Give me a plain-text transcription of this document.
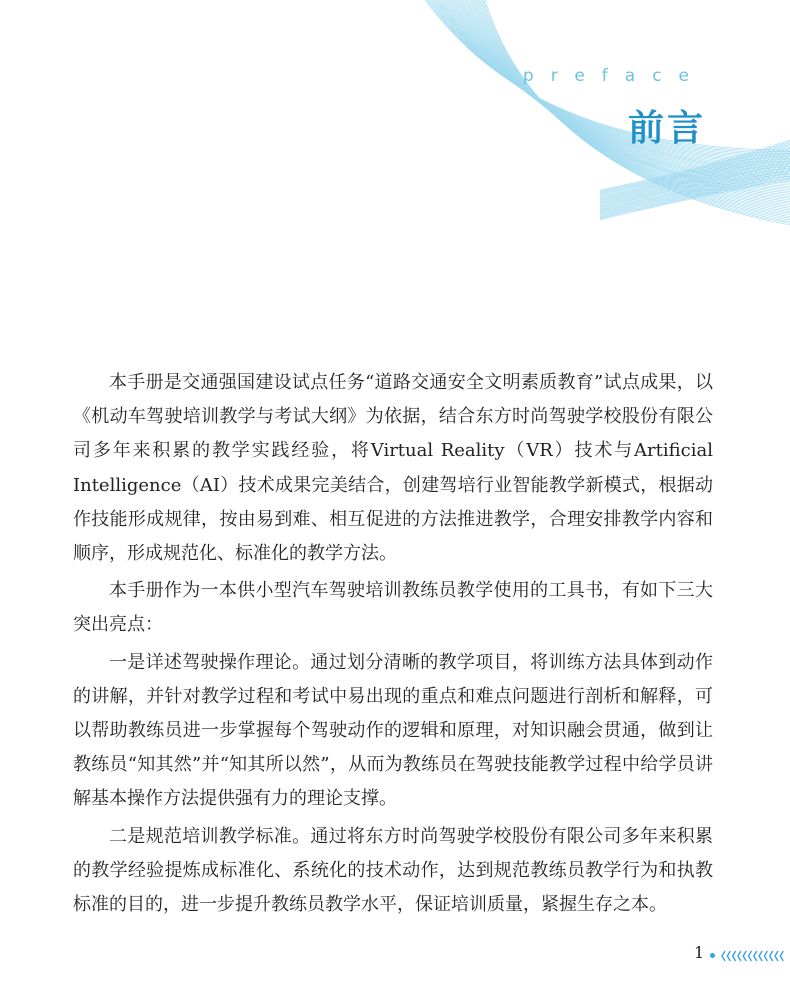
preface
前言

本手册是交通强国建设试点任务“道路交通安全文明素质教育”试点成果，以《机动车驾驶培训教学与考试大纲》为依据，结合东方时尚驾驶学校股份有限公司多年来积累的教学实践经验，将Virtual Reality（VR）技术与Artificial Intelligence（AI）技术成果完美结合，创建驾培行业智能教学新模式，根据动作技能形成规律，按由易到难、相互促进的方法推进教学，合理安排教学内容和顺序，形成规范化、标准化的教学方法。

本手册作为一本供小型汽车驾驶培训教练员教学使用的工具书，有如下三大突出亮点：

一是详述驾驶操作理论。通过划分清晰的教学项目，将训练方法具体到动作的讲解，并针对教学过程和考试中易出现的重点和难点问题进行剖析和解释，可以帮助教练员进一步掌握每个驾驶动作的逻辑和原理，对知识融会贯通，做到让教练员“知其然”并“知其所以然”，从而为教练员在驾驶技能教学过程中给学员讲解基本操作方法提供强有力的理论支撑。

二是规范培训教学标准。通过将东方时尚驾驶学校股份有限公司多年来积累的教学经验提炼成标准化、系统化的技术动作，达到规范教练员教学行为和执教标准的目的，进一步提升教练员教学水平，保证培训质量，紧握生存之本。

1
